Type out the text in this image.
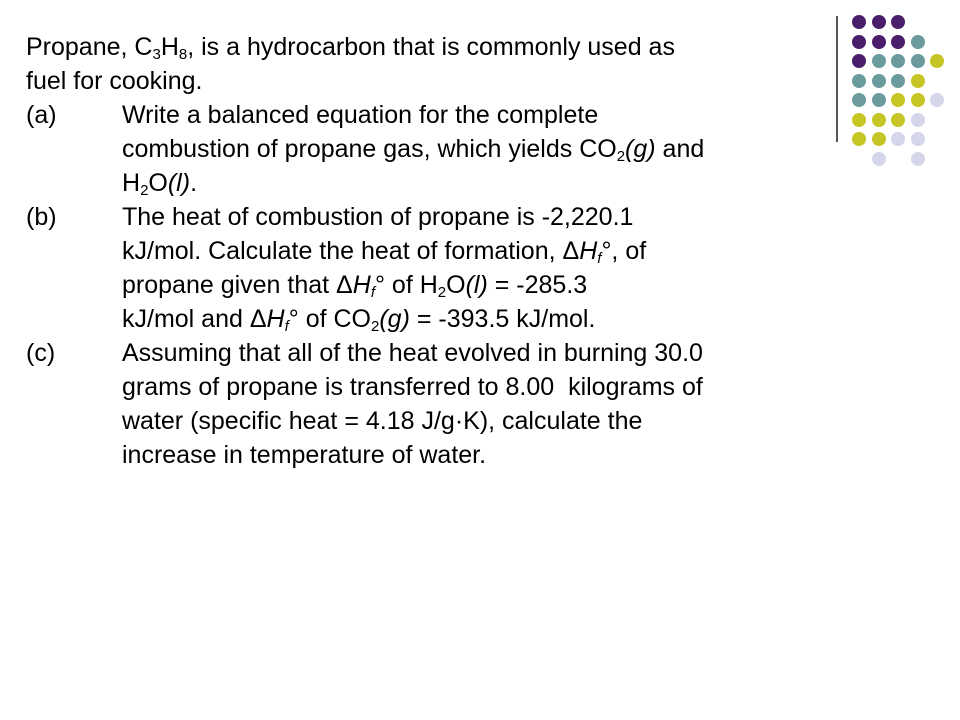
Propane, $C_3H_8$, is a hydrocarbon that is commonly used as
fuel for cooking.
(a)	Write a balanced equation for the complete
combustion of propane gas, which yields $CO_2(g)$ and
$H_2O(l)$.
(b)	The heat of combustion of propane is -2,220.1
kJ/mol. Calculate the heat of formation, $\Delta H_f^\circ$, of
propane given that $\Delta H_f^\circ$ of $H_2O(l) = -285.3$
kJ/mol and $\Delta H_f^\circ$ of $CO_2(g) = -393.5$ kJ/mol.
(c)	Assuming that all of the heat evolved in burning 30.0
grams of propane is transferred to 8.00  kilograms of
water (specific heat = 4.18 J/g·K), calculate the
increase in temperature of water.
